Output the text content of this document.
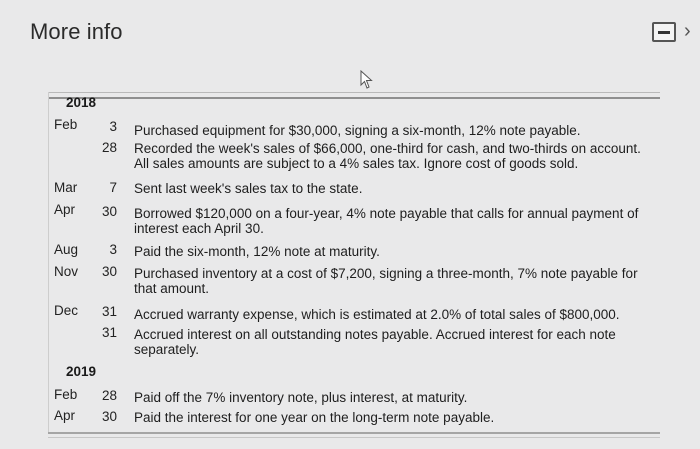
More info	›
2018
Feb	3 Purchased equipment for $30,000, signing a six-month, 12% note payable.
28 Recorded the week's sales of $66,000, one-third for cash, and two-thirds on account. All sales amounts are subject to a 4% sales tax. Ignore cost of goods sold.
Mar	7 Sent last week's sales tax to the state.
Apr	30 Borrowed $120,000 on a four-year, 4% note payable that calls for annual payment of interest each April 30.
Aug	3 Paid the six-month, 12% note at maturity.
Nov	30 Purchased inventory at a cost of $7,200, signing a three-month, 7% note payable for that amount.
Dec	31 Accrued warranty expense, which is estimated at 2.0% of total sales of $800,000.
31 Accrued interest on all outstanding notes payable. Accrued interest for each note separately.
2019
Feb	28 Paid off the 7% inventory note, plus interest, at maturity.
Apr	30 Paid the interest for one year on the long-term note payable.
